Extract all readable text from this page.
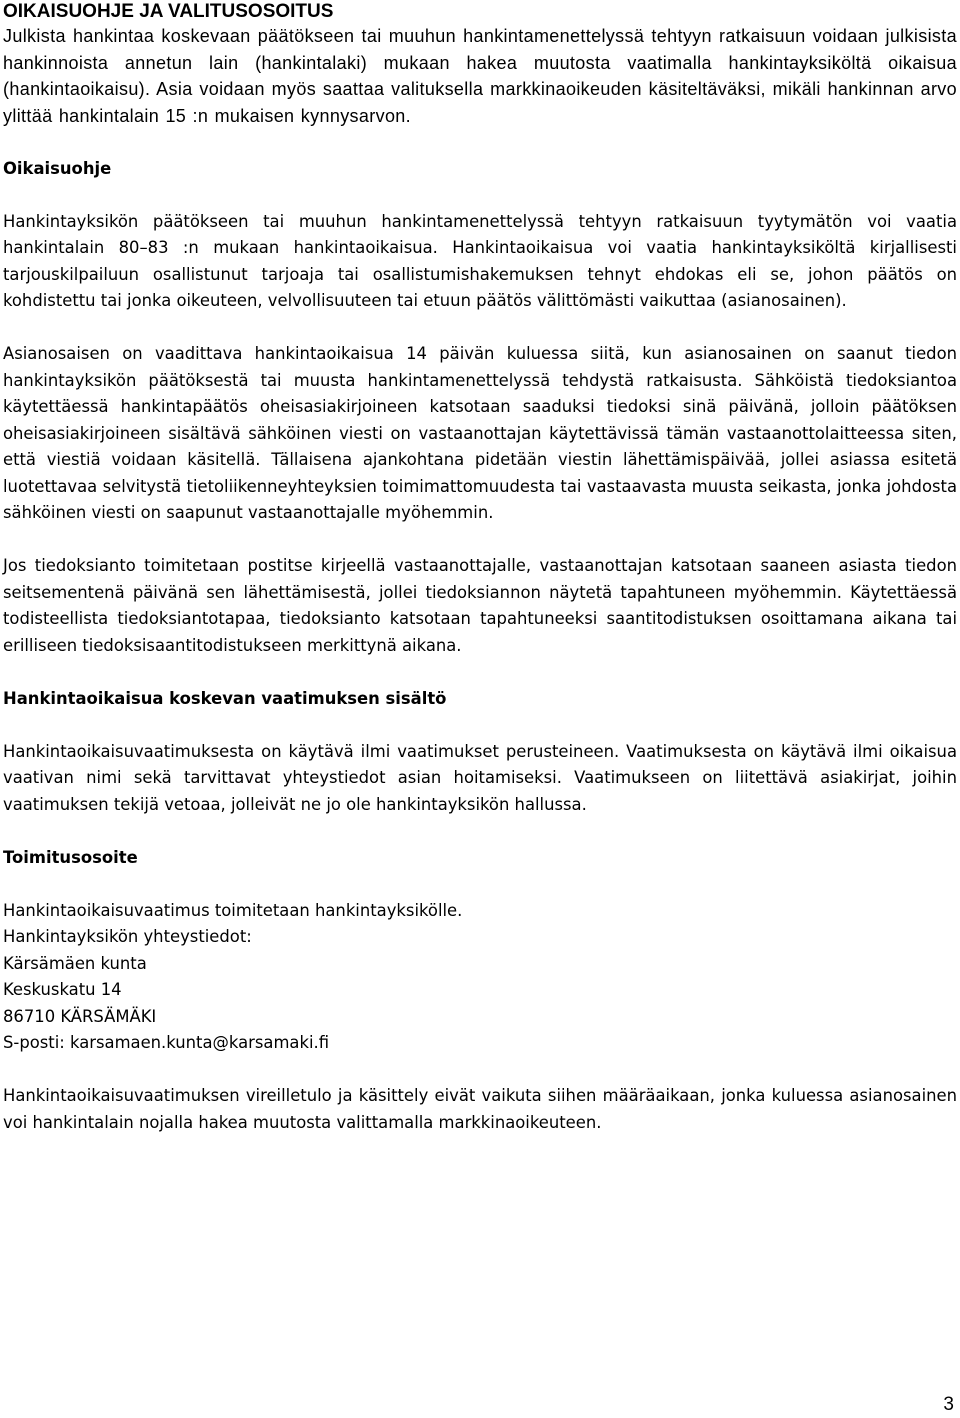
OIKAISUOHJE JA VALITUSOSOITUS

Julkista hankintaa koskevaan päätökseen tai muuhun hankintamenettelyssä tehtyyn ratkaisuun voidaan julkisista hankinnoista annetun lain (hankintalaki) mukaan hakea muutosta vaatimalla hankintayksiköltä oikaisua (hankintaoikaisu). Asia voidaan myös saattaa valituksella markkinaoikeuden käsiteltäväksi, mikäli hankinnan arvo ylittää hankintalain 15 :n mukaisen kynnysarvon.

Oikaisuohje

Hankintayksikön päätökseen tai muuhun hankintamenettelyssä tehtyyn ratkaisuun tyytymätön voi vaatia hankintalain 80–83 :n mukaan hankintaoikaisua. Hankintaoikaisua voi vaatia hankintayksiköltä kirjallisesti tarjouskilpailuun osallistunut tarjoaja tai osallistumishakemuksen tehnyt ehdokas eli se, johon päätös on kohdistettu tai jonka oikeuteen, velvollisuuteen tai etuun päätös välittömästi vaikuttaa (asianosainen).

Asianosaisen on vaadittava hankintaoikaisua 14 päivän kuluessa siitä, kun asianosainen on saanut tiedon hankintayksikön päätöksestä tai muusta hankintamenettelyssä tehdystä ratkaisusta. Sähköistä tiedoksiantoa käytettäessä hankintapäätös oheisasiakirjoineen katsotaan saaduksi tiedoksi sinä päivänä, jolloin päätöksen oheisasiakirjoineen sisältävä sähköinen viesti on vastaanottajan käytettävissä tämän vastaanottolaitteessa siten, että viestiä voidaan käsitellä. Tällaisena ajankohtana pidetään viestin lähettämispäivää, jollei asiassa esitetä luotettavaa selvitystä tietoliikenneyhteyksien toimimattomuudesta tai vastaavasta muusta seikasta, jonka johdosta sähköinen viesti on saapunut vastaanottajalle myöhemmin.

Jos tiedoksianto toimitetaan postitse kirjeellä vastaanottajalle, vastaanottajan katsotaan saaneen asiasta tiedon seitsementenä päivänä sen lähettämisestä, jollei tiedoksiannon näytetä tapahtuneen myöhemmin. Käytettäessä todisteellista tiedoksiantotapaa, tiedoksianto katsotaan tapahtuneeksi saantitodistuksen osoittamana aikana tai erilliseen tiedoksisaantitodistukseen merkittynä aikana.

Hankintaoikaisua koskevan vaatimuksen sisältö

Hankintaoikaisuvaatimuksesta on käytävä ilmi vaatimukset perusteineen. Vaatimuksesta on käytävä ilmi oikaisua vaativan nimi sekä tarvittavat yhteystiedot asian hoitamiseksi. Vaatimukseen on liitettävä asiakirjat, joihin vaatimuksen tekijä vetoaa, jolleivät ne jo ole hankintayksikön hallussa.

Toimitusosoite

Hankintaoikaisuvaatimus toimitetaan hankintayksikölle.

Hankintayksikön yhteystiedot:

Kärsämäen kunta

Keskuskatu 14

86710 KÄRSÄMÄKI

S-posti: karsamaen.kunta@karsamaki.fi

Hankintaoikaisuvaatimuksen vireilletulo ja käsittely eivät vaikuta siihen määräaikaan, jonka kuluessa asianosainen voi hankintalain nojalla hakea muutosta valittamalla markkinaoikeuteen.

3
